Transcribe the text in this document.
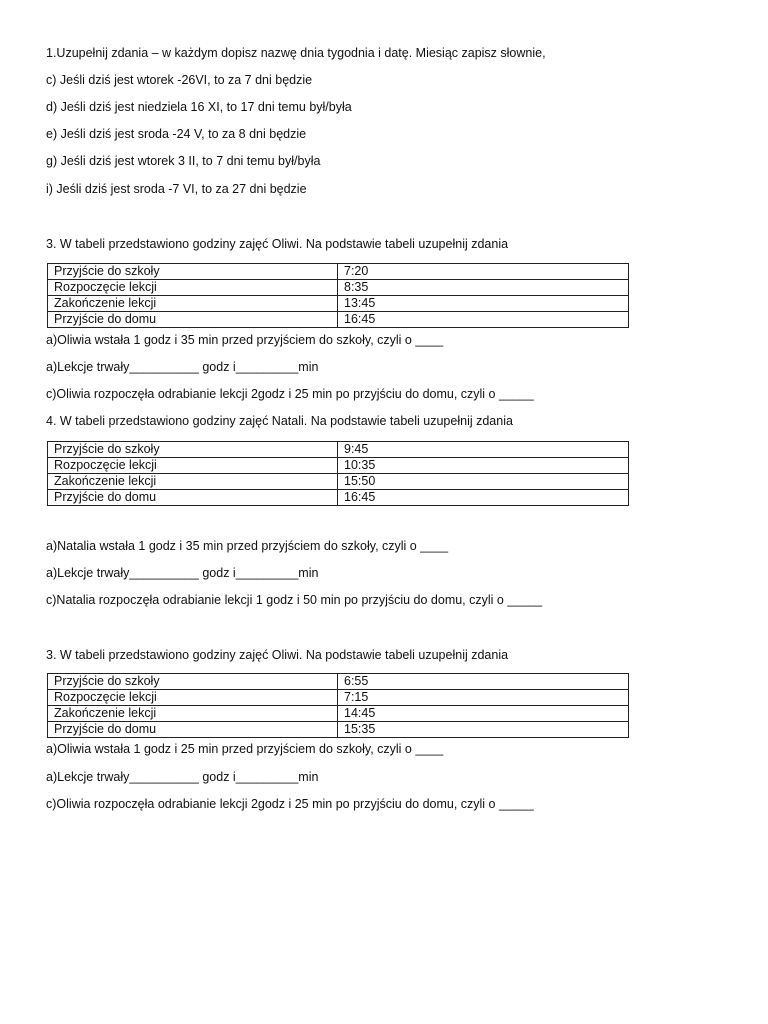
1.Uzupełnij zdania – w każdym dopisz nazwę dnia tygodnia i datę. Miesiąc zapisz słownie,
c) Jeśli dziś jest wtorek -26VI, to za 7 dni będzie
d) Jeśli dziś jest niedziela 16 XI, to 17 dni temu był/była
e) Jeśli dziś jest sroda -24 V, to za 8 dni będzie
g) Jeśli dziś jest wtorek 3 II, to 7 dni temu był/była
i) Jeśli dziś jest sroda -7 VI, to za 27 dni będzie
3. W tabeli przedstawiono godziny zajęć Oliwi. Na podstawie tabeli uzupełnij zdania
Przyjście do szkoły	7:20
Rozpoczęcie lekcji	8:35
Zakończenie lekcji	13:45
Przyjście do domu	16:45
a)Oliwia wstała 1 godz i 35 min przed przyjściem do szkoły, czyli o ____
a)Lekcje trwały__________ godz i_________min
c)Oliwia rozpoczęła odrabianie lekcji 2godz i 25 min po przyjściu do domu, czyli o _____
4. W tabeli przedstawiono godziny zajęć Natali. Na podstawie tabeli uzupełnij zdania
Przyjście do szkoły	9:45
Rozpoczęcie lekcji	10:35
Zakończenie lekcji	15:50
Przyjście do domu	16:45
a)Natalia wstała 1 godz i 35 min przed przyjściem do szkoły, czyli o ____
a)Lekcje trwały__________ godz i_________min
c)Natalia rozpoczęła odrabianie lekcji 1 godz i 50 min po przyjściu do domu, czyli o _____
3. W tabeli przedstawiono godziny zajęć Oliwi. Na podstawie tabeli uzupełnij zdania
Przyjście do szkoły	6:55
Rozpoczęcie lekcji	7:15
Zakończenie lekcji	14:45
Przyjście do domu	15:35
a)Oliwia wstała 1 godz i 25 min przed przyjściem do szkoły, czyli o ____
a)Lekcje trwały__________ godz i_________min
c)Oliwia rozpoczęła odrabianie lekcji 2godz i 25 min po przyjściu do domu, czyli o _____
